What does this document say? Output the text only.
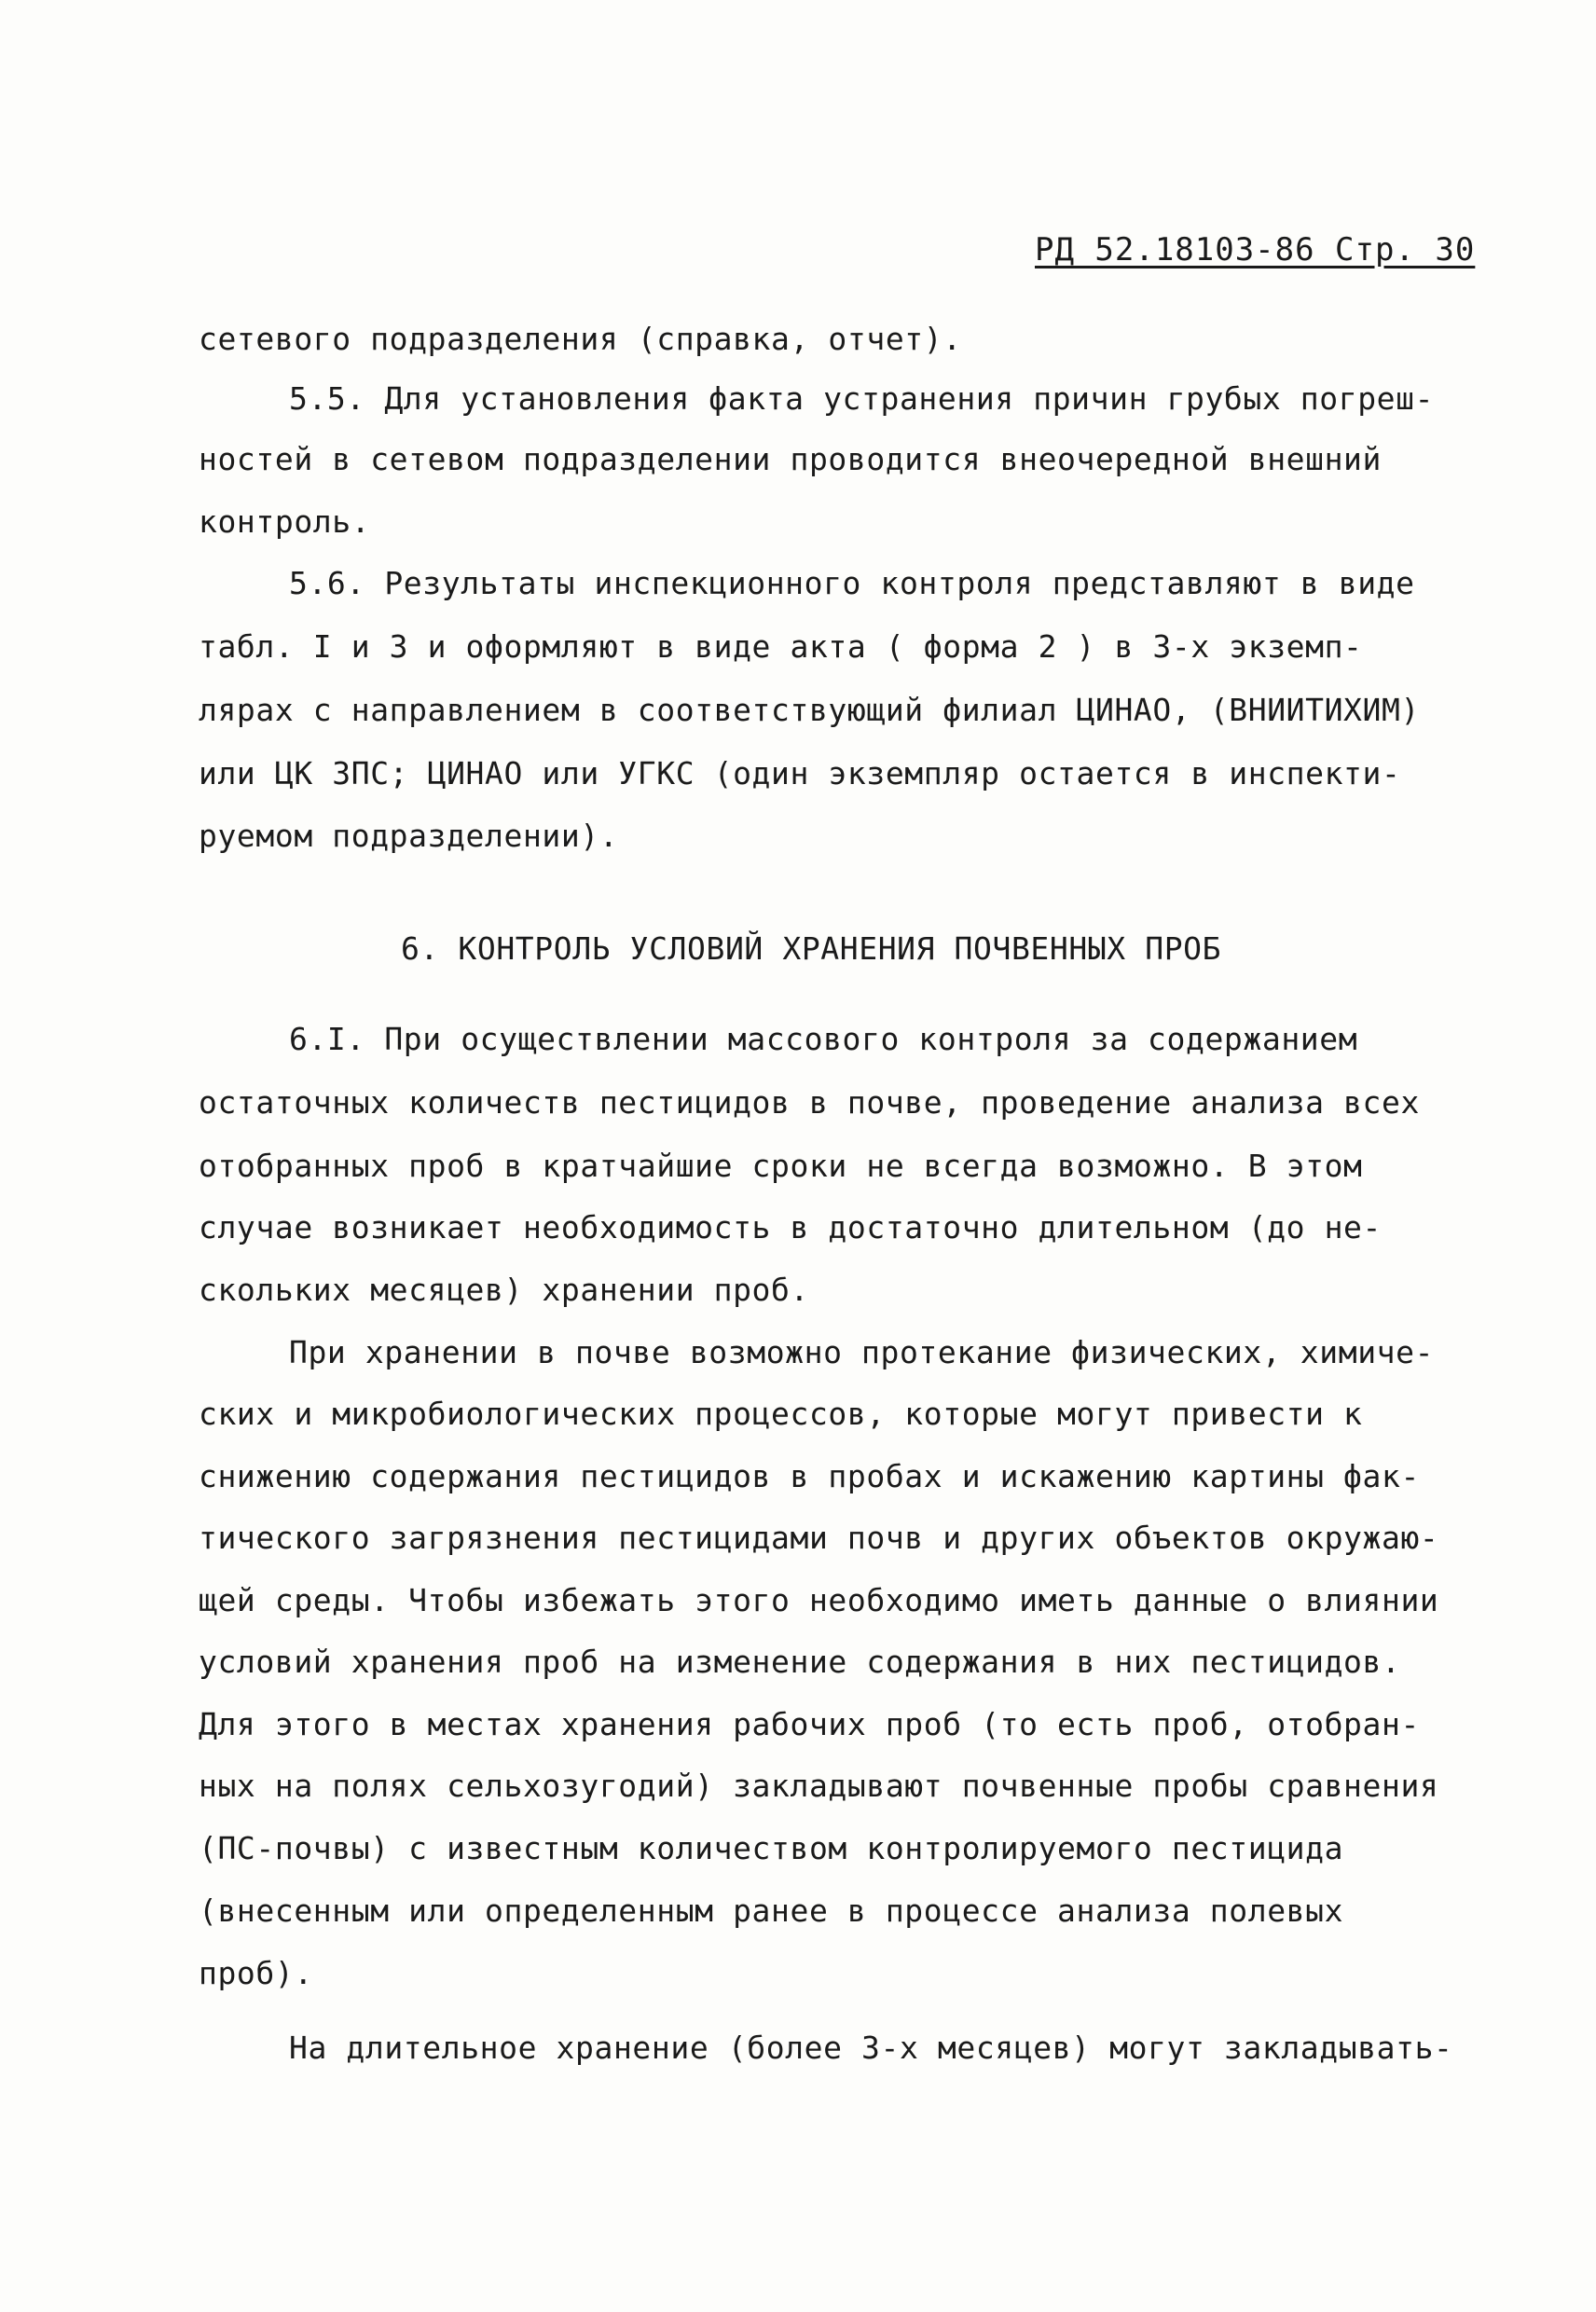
РД 52.18103-86 Стр. 30
сетевого подразделения (справка, отчет).
5.5. Для установления факта устранения причин грубых погреш-
ностей в сетевом подразделении проводится внеочередной внешний
контроль.
5.6. Результаты инспекционного контроля представляют в виде
табл. I и 3 и оформляют в виде акта ( форма 2 ) в 3-х экземп-
лярах с направлением в соответствующий филиал ЦИНАО, (ВНИИТИХИМ)
или ЦК ЗПС; ЦИНАО или УГКС (один экземпляр остается в инспекти-
руемом подразделении).
6. КОНТРОЛЬ УСЛОВИЙ ХРАНЕНИЯ ПОЧВЕННЫХ ПРОБ
6.I. При осуществлении массового контроля за содержанием
остаточных количеств пестицидов в почве, проведение анализа всех
отобранных проб в кратчайшие сроки не всегда возможно. В этом
случае возникает необходимость в достаточно длительном (до не-
скольких месяцев) хранении проб.
При хранении в почве возможно протекание физических, химиче-
ских и микробиологических процессов, которые могут привести к
снижению содержания пестицидов в пробах и искажению картины фак-
тического загрязнения пестицидами почв и других объектов окружаю-
щей среды. Чтобы избежать этого необходимо иметь данные о влиянии
условий хранения проб на изменение содержания в них пестицидов.
Для этого в местах хранения рабочих проб (то есть проб, отобран-
ных на полях сельхозугодий) закладывают почвенные пробы сравнения
(ПС-почвы) с известным количеством контролируемого пестицида
(внесенным или определенным ранее в процессе анализа полевых
проб).
На длительное хранение (более 3-х месяцев) могут закладывать-
